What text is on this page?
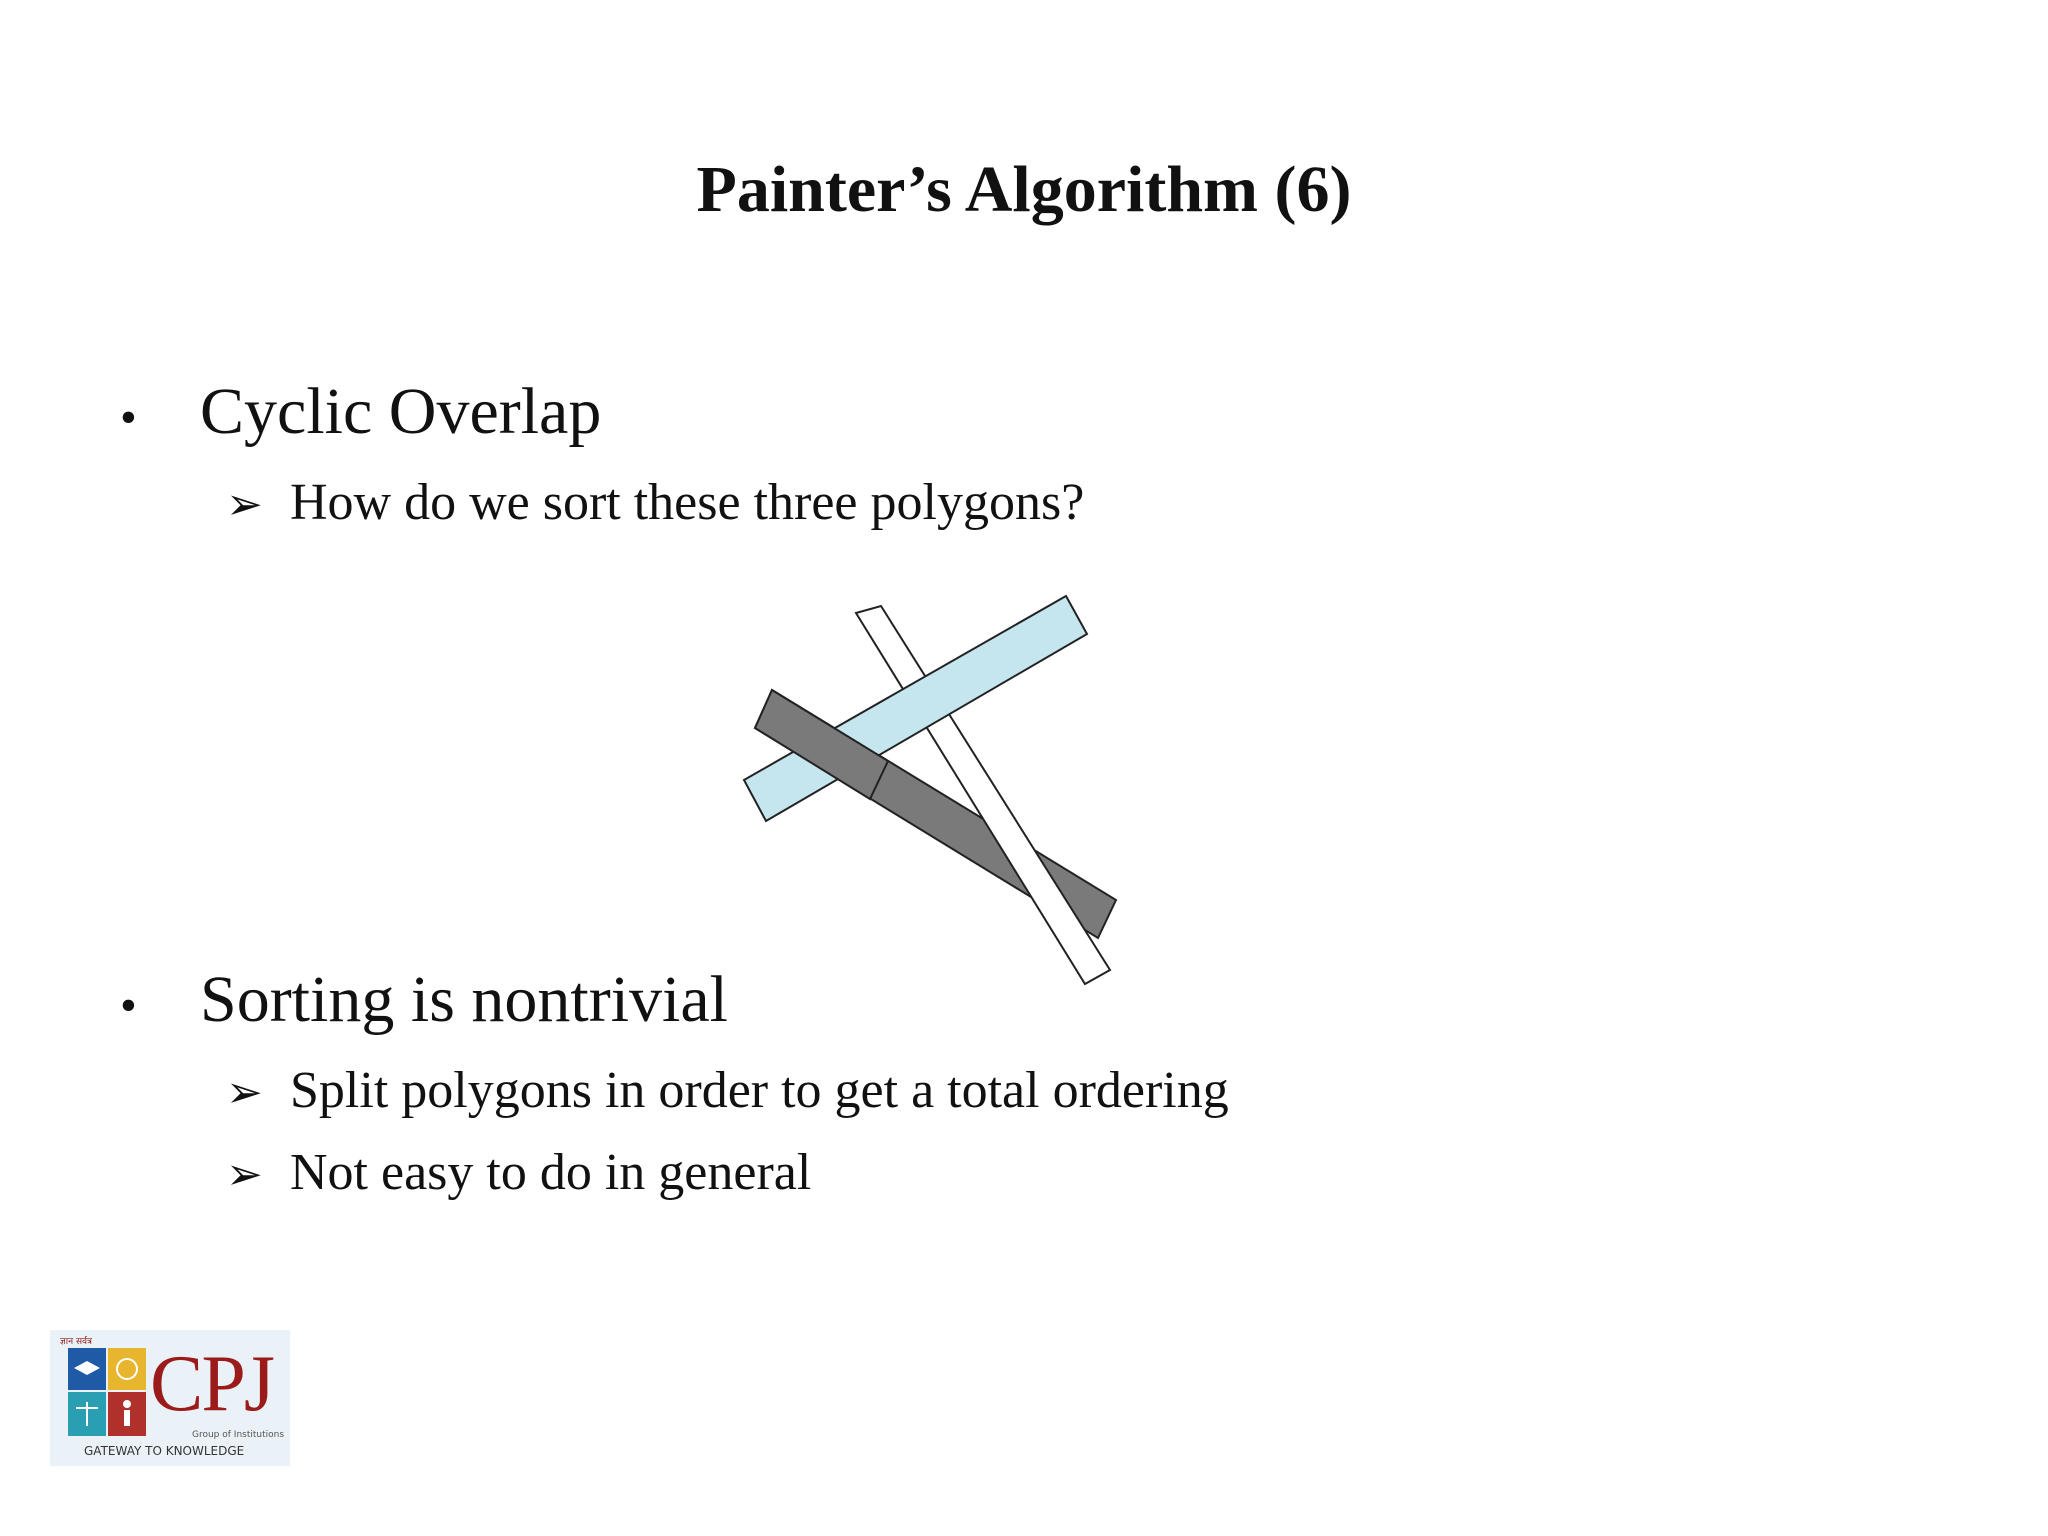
Painter’s Algorithm (6)
• Cyclic Overlap
➢ How do we sort these three polygons?
• Sorting is nontrivial
➢ Split polygons in order to get a total ordering
➢ Not easy to do in general
ज्ञान सर्वत्र CPJ
Group of Institutions
GATEWAY TO KNOWLEDGE
